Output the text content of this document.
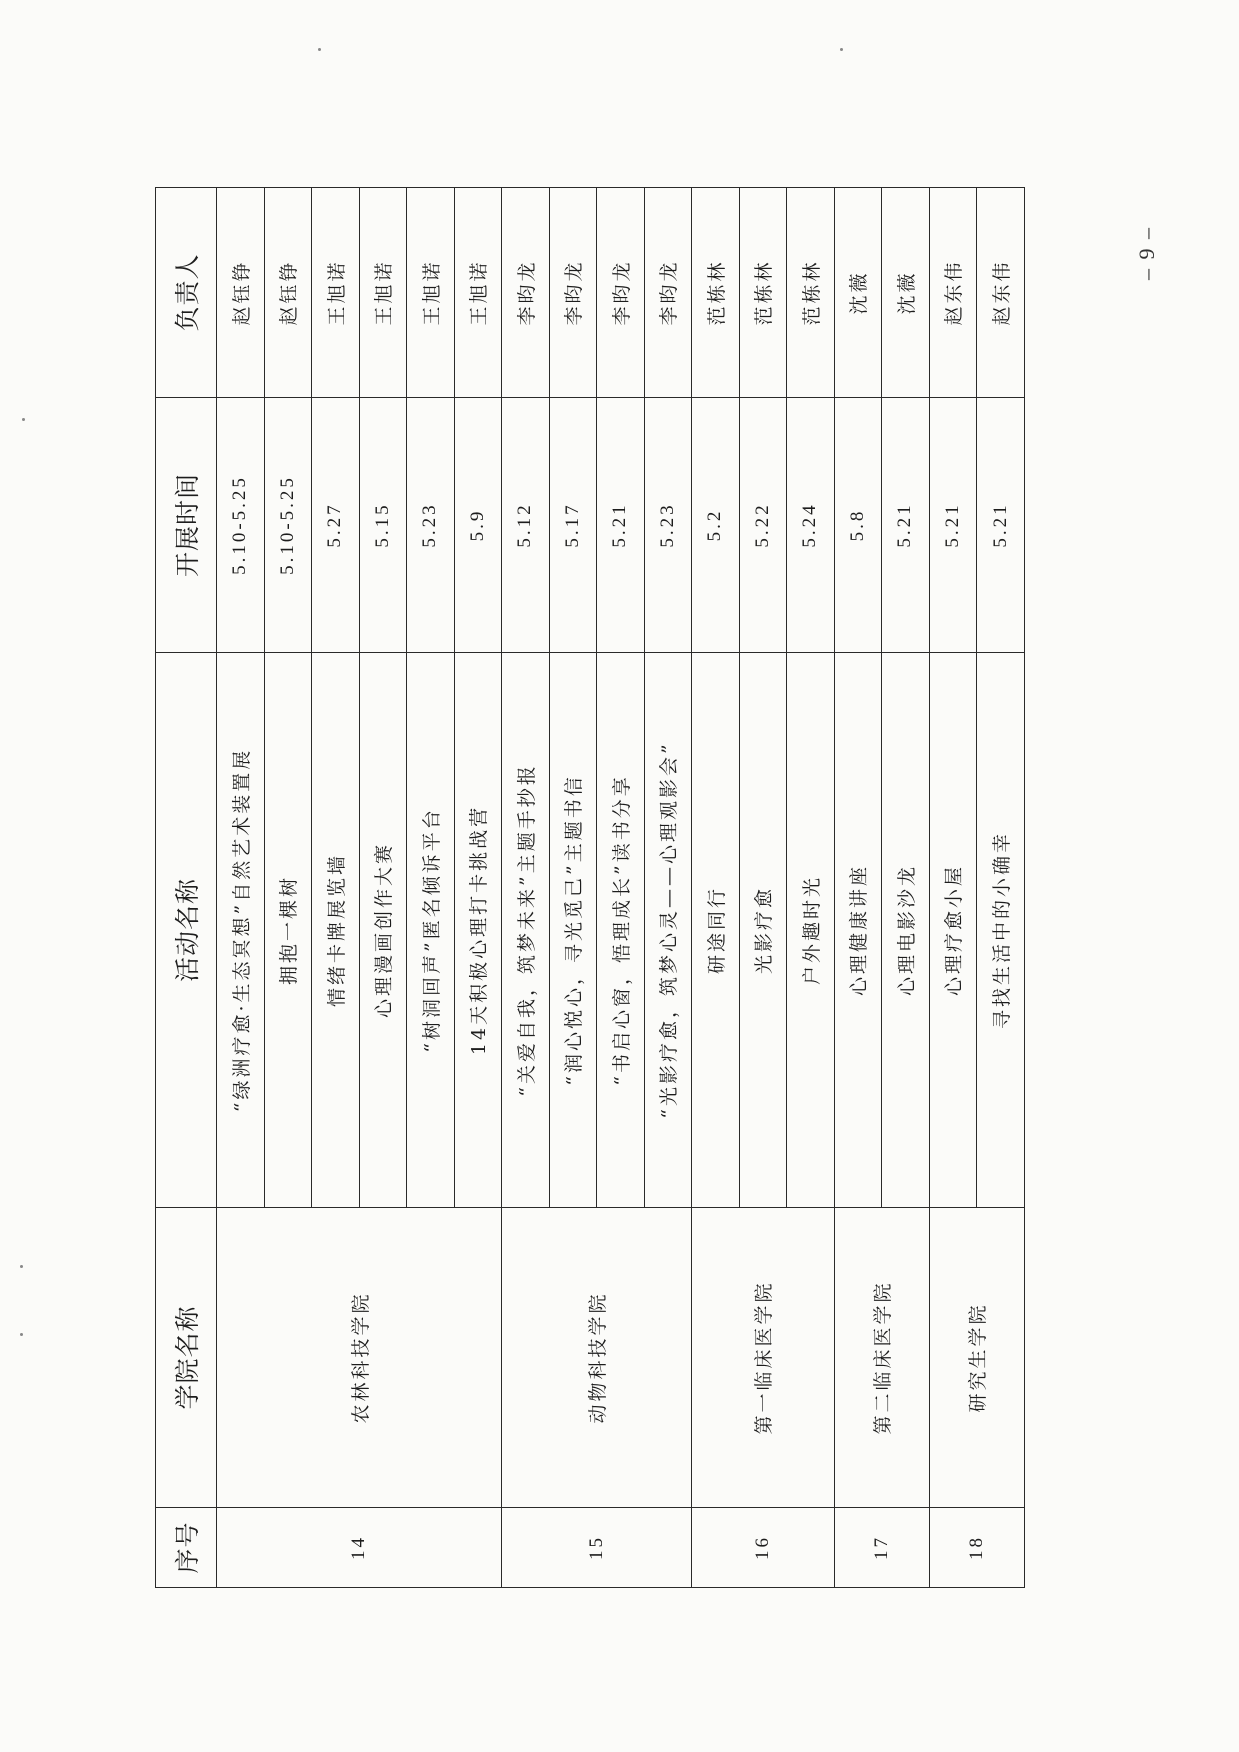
序号	学院名称	活动名称	开展时间	负责人
14	农林科技学院	“绿洲疗愈·生态冥想”自然艺术装置展	5.10-5.25	赵钰铮
		拥抱一棵树	5.10-5.25	赵钰铮
		情绪卡牌展览墙	5.27	王旭诺
		心理漫画创作大赛	5.15	王旭诺
		“树洞回声”匿名倾诉平台	5.23	王旭诺
		14天积极心理打卡挑战营	5.9	王旭诺
15	动物科技学院	“关爱自我，筑梦未来”主题手抄报	5.12	李昀龙
		“润心悦心，寻光觅己”主题书信	5.17	李昀龙
		“书启心窗，悟理成长”读书分享	5.21	李昀龙
		“光影疗愈，筑梦心灵——心理观影会”	5.23	李昀龙
16	第一临床医学院	研途同行	5.2	范栋林
		光影疗愈	5.22	范栋林
		户外趣时光	5.24	范栋林
17	第二临床医学院	心理健康讲座	5.8	沈薇
		心理电影沙龙	5.21	沈薇
18	研究生学院	心理疗愈小屋	5.21	赵东伟
		寻找生活中的小确幸	5.21	赵东伟
– 9 –
